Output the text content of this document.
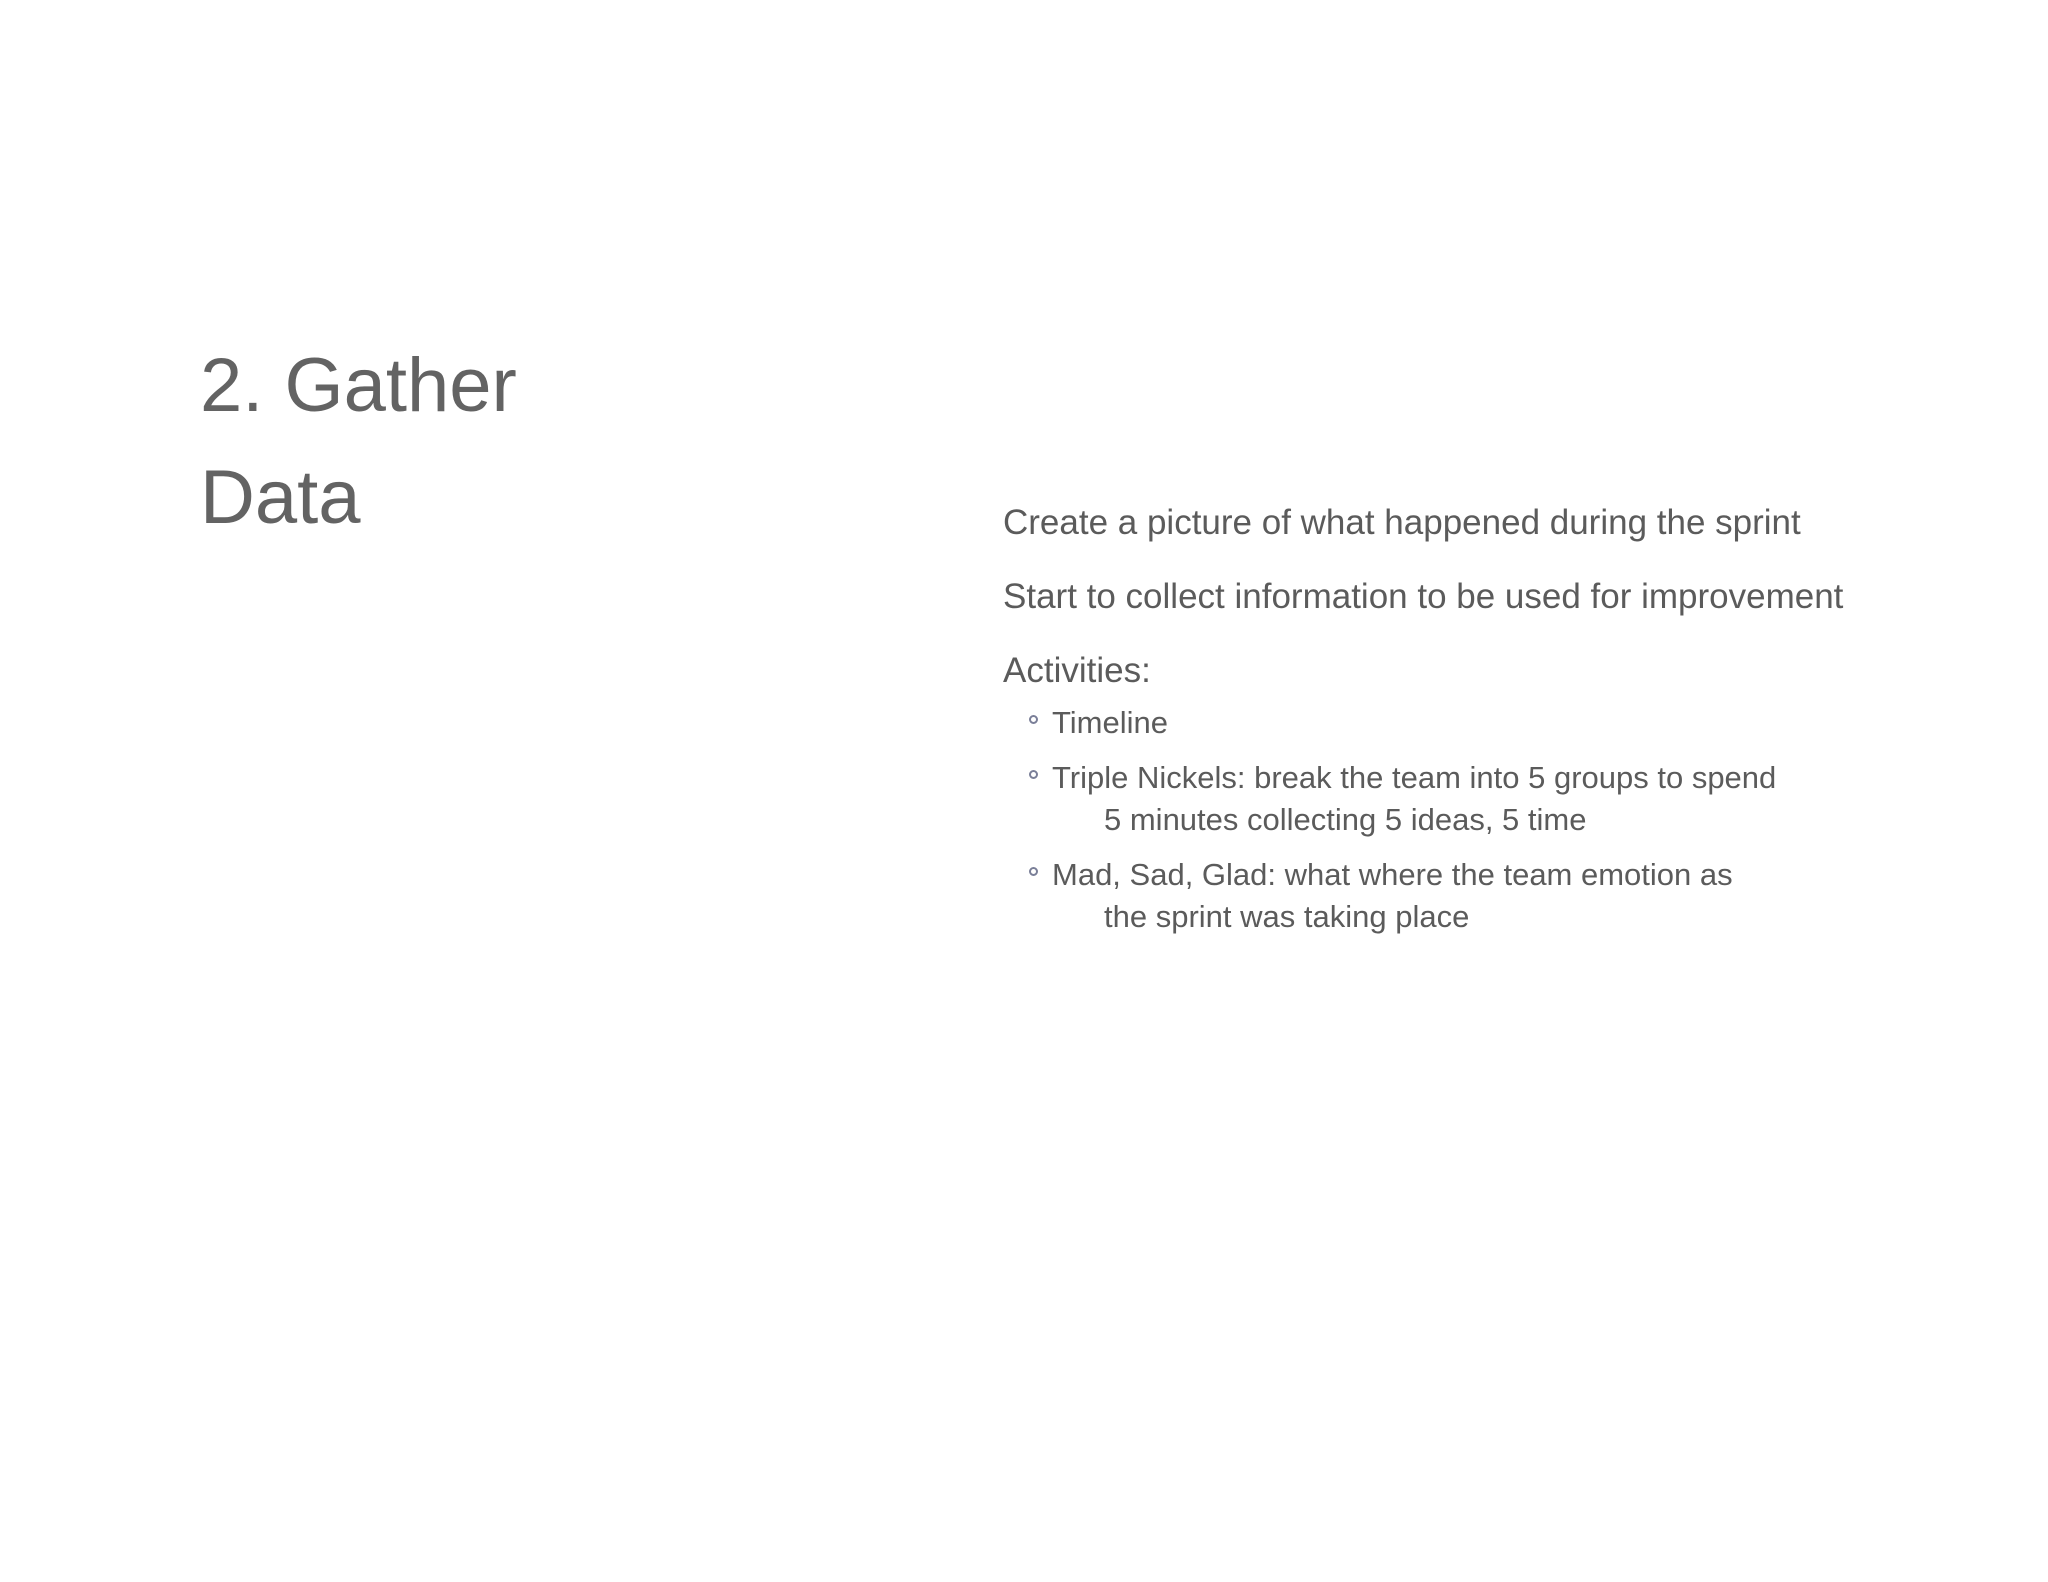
2. Gather
Data	Create a picture of what happened during the sprint

Start to collect information to be used for improvement

Activities:

Timeline
Triple Nickels: break the team into 5 groups to spend
5 minutes collecting 5 ideas, 5 time
Mad, Sad, Glad: what where the team emotion as
the sprint was taking place
